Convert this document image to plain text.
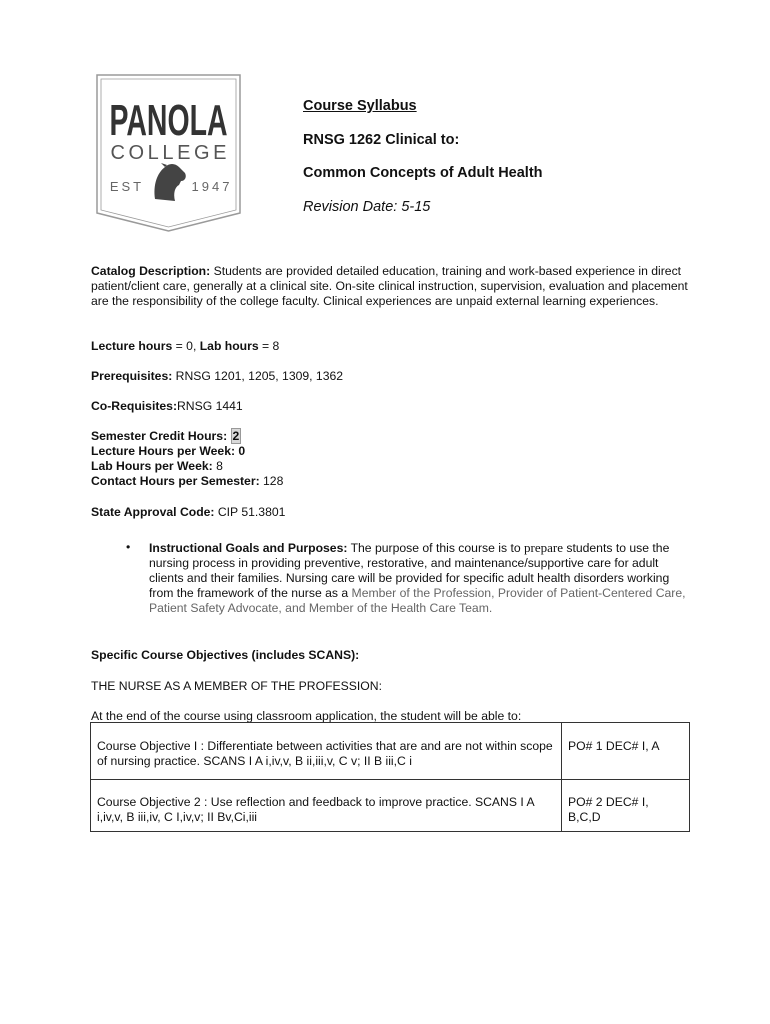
PANOLA
COLLEGE
EST	1947
Course Syllabus
RNSG 1262 Clinical to:
Common Concepts of Adult Health
Revision Date: 5-15
Catalog Description: Students are provided detailed education, training and work-based experience in direct patient/client care, generally at a clinical site. On-site clinical instruction, supervision, evaluation and placement are the responsibility of the college faculty. Clinical experiences are unpaid external learning experiences.
Lecture hours = 0, Lab hours = 8
Prerequisites: RNSG 1201, 1205, 1309, 1362
Co-Requisites:RNSG 1441
Semester Credit Hours: 2
Lecture Hours per Week: 0
Lab Hours per Week: 8
Contact Hours per Semester: 128
State Approval Code: CIP 51.3801
• Instructional Goals and Purposes: The purpose of this course is to prepare students to use the nursing process in providing preventive, restorative, and maintenance/supportive care for adult clients and their families. Nursing care will be provided for specific adult health disorders working from the framework of the nurse as a Member of the Profession, Provider of Patient-Centered Care, Patient Safety Advocate, and Member of the Health Care Team.
Specific Course Objectives (includes SCANS):
THE NURSE AS A MEMBER OF THE PROFESSION:
At the end of the course using classroom application, the student will be able to:
Course Objective I : Differentiate between activities that are and are not within scope of nursing practice. SCANS I A i,iv,v, B ii,iii,v, C v; II B iii,C i	PO# 1 DEC# I, A
Course Objective 2 : Use reflection and feedback to improve practice. SCANS I A i,iv,v, B iii,iv, C I,iv,v; II Bv,Ci,iii	PO# 2 DEC# I, B,C,D
